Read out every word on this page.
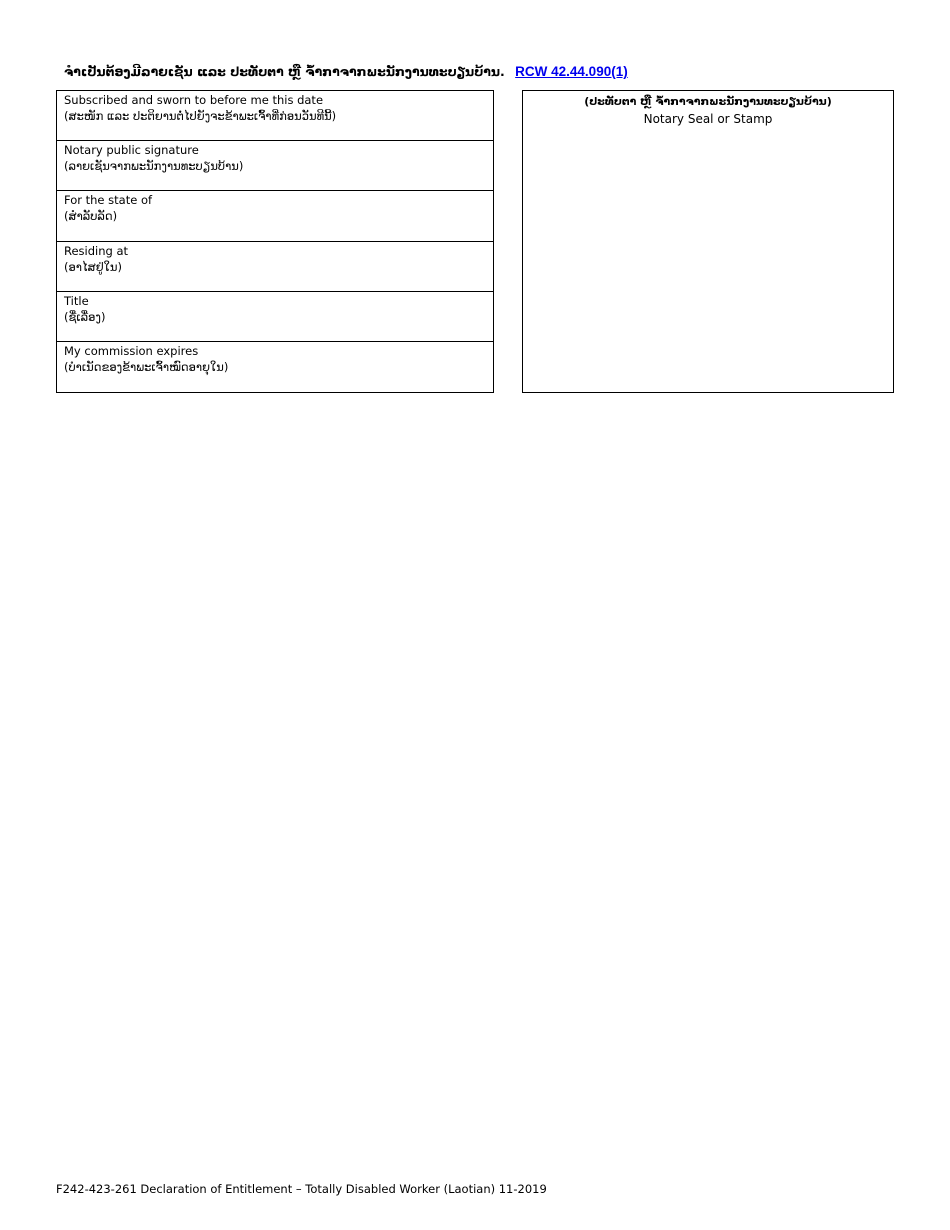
ຈຳເປັນຕ້ອງມີລາຍເຊັນ ແລະ ປະທັບຕາ ຫຼື ຈ້ຳກາຈາກພະນັກງານທະບຽນບ້ານ. RCW 42.44.090(1)
Subscribed and sworn to before me this date
(ສະໜັກ ແລະ ປະຕິຍານຕໍ່ໄປຍັງຈະຂ້າພະເຈົ້າທີ່ກ່ອນວັນທີນີ້)
Notary public signature
(ລາຍເຊັນຈາກພະນັກງານທະບຽນບ້ານ)
For the state of
(ສໍາລັບລັດ)
Residing at
(ອາໄສຢູ່ໃນ)
Title
(ຊື່ເລື່ອງ)
My commission expires
(ບໍາເນັດຂອງຂ້າພະເຈົ້າໝົດອາຍຸໃນ)
(ປະທັບຕາ ຫຼື ຈ້ຳກາຈາກພະນັກງານທະບຽນບ້ານ)
Notary Seal or Stamp
F242-423-261 Declaration of Entitlement – Totally Disabled Worker (Laotian) 11-2019
